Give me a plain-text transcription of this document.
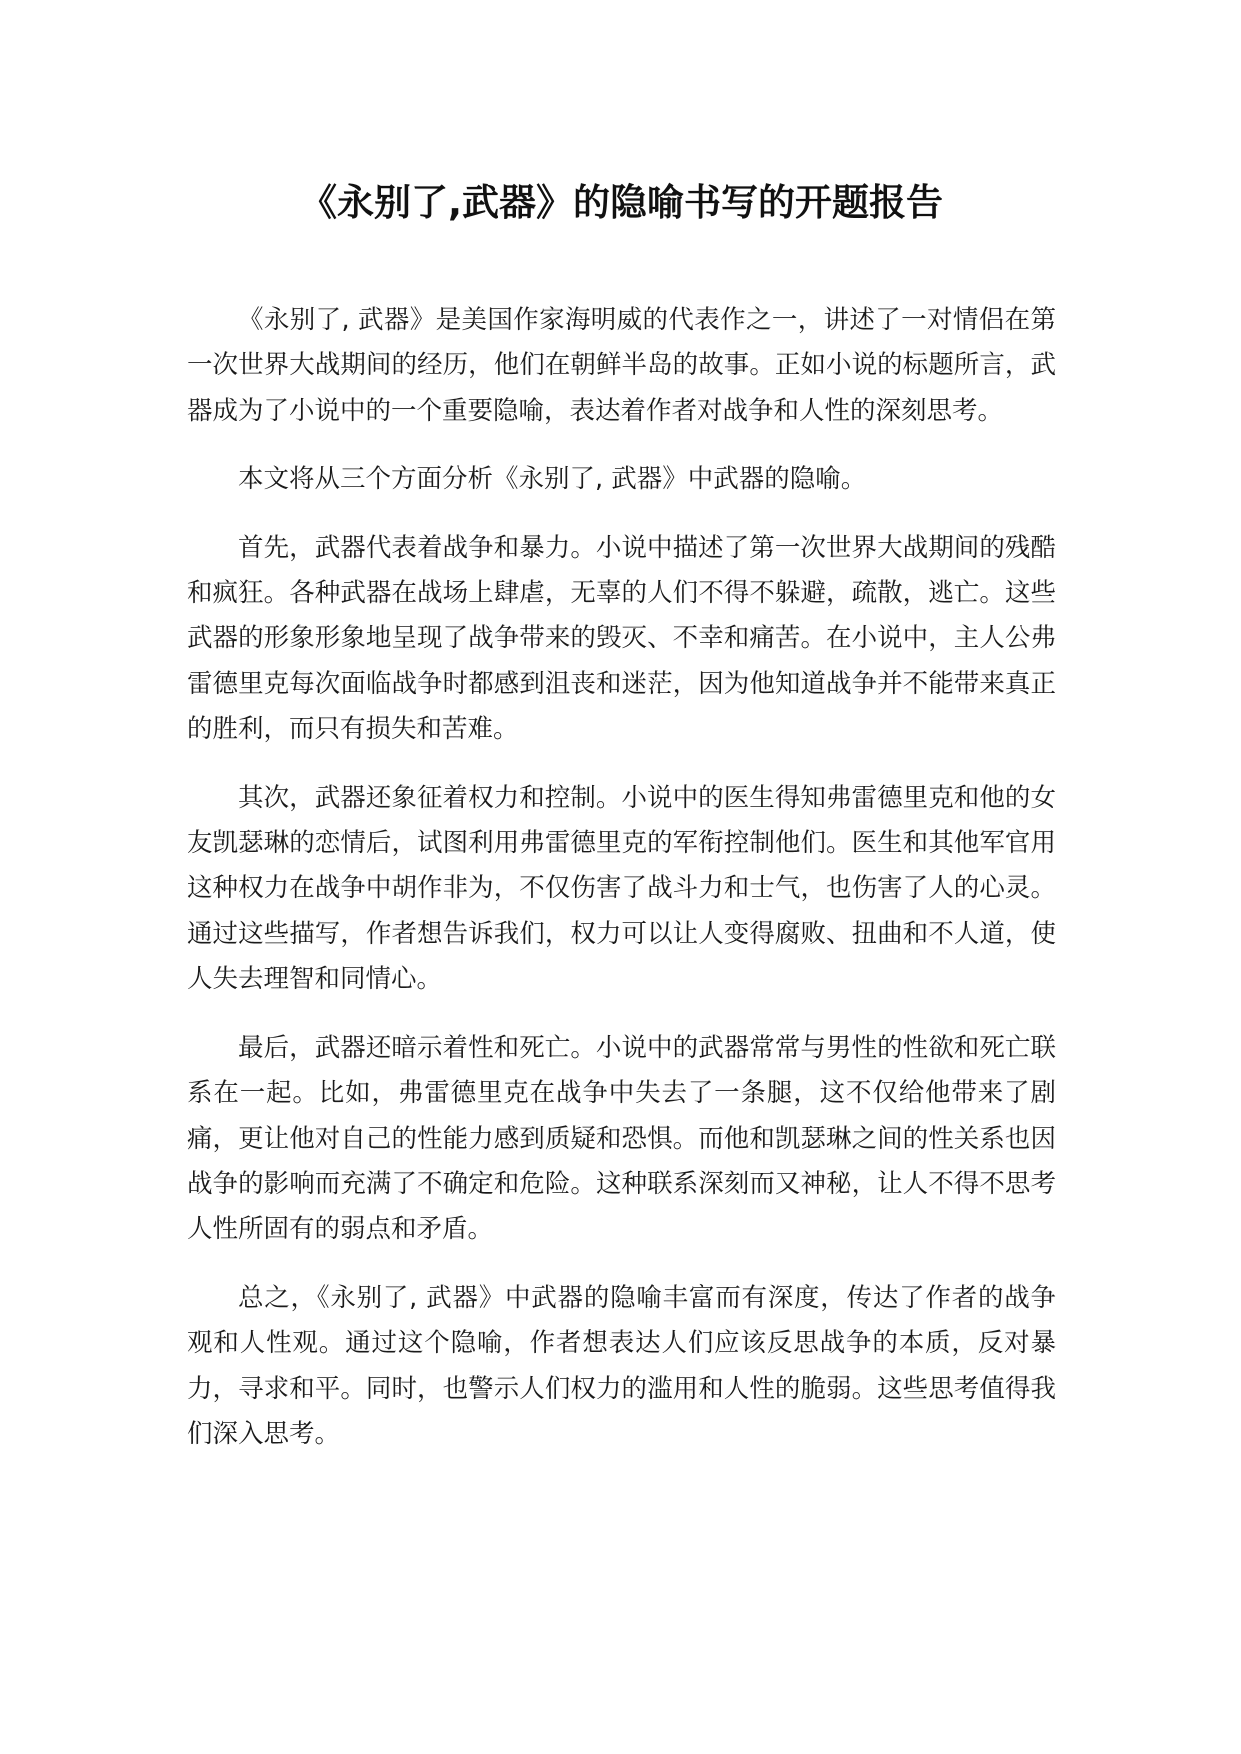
《永别了,武器》的隐喻书写的开题报告

《永别了, 武器》是美国作家海明威的代表作之一，讲述了一对情侣在第一次世界大战期间的经历，他们在朝鲜半岛的故事。正如小说的标题所言，武器成为了小说中的一个重要隐喻，表达着作者对战争和人性的深刻思考。

本文将从三个方面分析《永别了, 武器》中武器的隐喻。

首先，武器代表着战争和暴力。小说中描述了第一次世界大战期间的残酷和疯狂。各种武器在战场上肆虐，无辜的人们不得不躲避，疏散，逃亡。这些武器的形象形象地呈现了战争带来的毁灭、不幸和痛苦。在小说中，主人公弗雷德里克每次面临战争时都感到沮丧和迷茫，因为他知道战争并不能带来真正的胜利，而只有损失和苦难。

其次，武器还象征着权力和控制。小说中的医生得知弗雷德里克和他的女友凯瑟琳的恋情后，试图利用弗雷德里克的军衔控制他们。医生和其他军官用这种权力在战争中胡作非为，不仅伤害了战斗力和士气，也伤害了人的心灵。通过这些描写，作者想告诉我们，权力可以让人变得腐败、扭曲和不人道，使人失去理智和同情心。

最后，武器还暗示着性和死亡。小说中的武器常常与男性的性欲和死亡联系在一起。比如，弗雷德里克在战争中失去了一条腿，这不仅给他带来了剧痛，更让他对自己的性能力感到质疑和恐惧。而他和凯瑟琳之间的性关系也因战争的影响而充满了不确定和危险。这种联系深刻而又神秘，让人不得不思考人性所固有的弱点和矛盾。

总之，《永别了, 武器》中武器的隐喻丰富而有深度，传达了作者的战争观和人性观。通过这个隐喻，作者想表达人们应该反思战争的本质，反对暴力，寻求和平。同时，也警示人们权力的滥用和人性的脆弱。这些思考值得我们深入思考。
